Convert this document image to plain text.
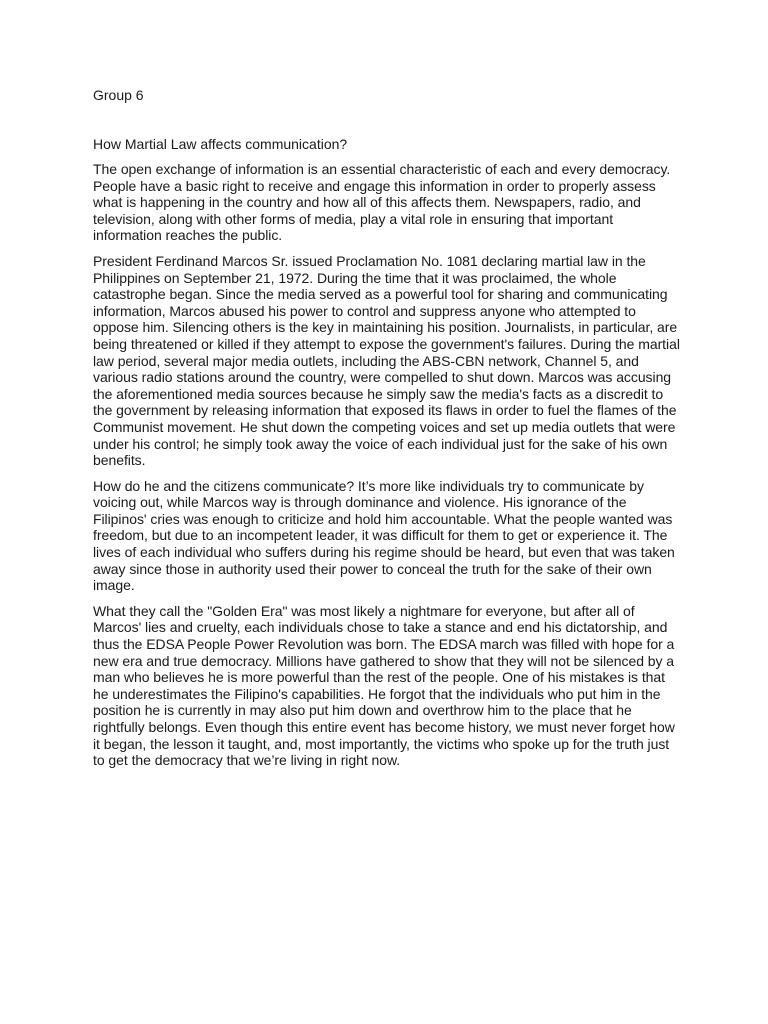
Group 6

How Martial Law affects communication?

The open exchange of information is an essential characteristic of each and every democracy. People have a basic right to receive and engage this information in order to properly assess what is happening in the country and how all of this affects them. Newspapers, radio, and television, along with other forms of media, play a vital role in ensuring that important information reaches the public.

President Ferdinand Marcos Sr. issued Proclamation No. 1081 declaring martial law in the Philippines on September 21, 1972. During the time that it was proclaimed, the whole catastrophe began. Since the media served as a powerful tool for sharing and communicating information, Marcos abused his power to control and suppress anyone who attempted to oppose him. Silencing others is the key in maintaining his position. Journalists, in particular, are being threatened or killed if they attempt to expose the government's failures. During the martial law period, several major media outlets, including the ABS-CBN network, Channel 5, and various radio stations around the country, were compelled to shut down. Marcos was accusing the aforementioned media sources because he simply saw the media's facts as a discredit to the government by releasing information that exposed its flaws in order to fuel the flames of the Communist movement. He shut down the competing voices and set up media outlets that were under his control; he simply took away the voice of each individual just for the sake of his own benefits.

How do he and the citizens communicate? It’s more like individuals try to communicate by voicing out, while Marcos way is through dominance and violence. His ignorance of the Filipinos' cries was enough to criticize and hold him accountable. What the people wanted was freedom, but due to an incompetent leader, it was difficult for them to get or experience it. The lives of each individual who suffers during his regime should be heard, but even that was taken away since those in authority used their power to conceal the truth for the sake of their own image.

What they call the "Golden Era" was most likely a nightmare for everyone, but after all of Marcos' lies and cruelty, each individuals chose to take a stance and end his dictatorship, and thus the EDSA People Power Revolution was born. The EDSA march was filled with hope for a new era and true democracy. Millions have gathered to show that they will not be silenced by a man who believes he is more powerful than the rest of the people. One of his mistakes is that he underestimates the Filipino's capabilities. He forgot that the individuals who put him in the position he is currently in may also put him down and overthrow him to the place that he rightfully belongs. Even though this entire event has become history, we must never forget how it began, the lesson it taught, and, most importantly, the victims who spoke up for the truth just to get the democracy that we’re living in right now.
